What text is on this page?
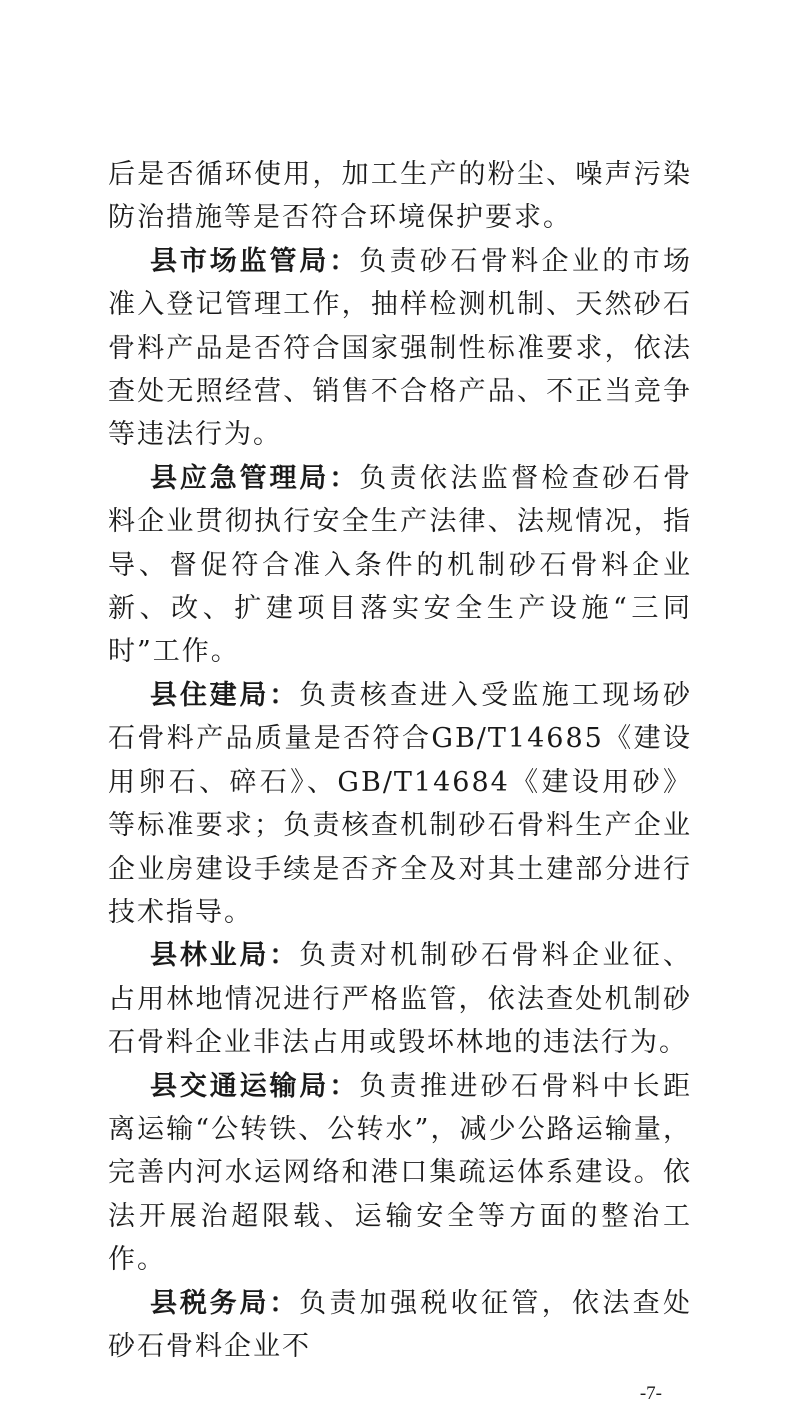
后是否循环使用，加工生产的粉尘、噪声污染防治措施等是否符合环境保护要求。

县市场监管局：负责砂石骨料企业的市场准入登记管理工作，抽样检测机制、天然砂石骨料产品是否符合国家强制性标准要求，依法查处无照经营、销售不合格产品、不正当竞争等违法行为。

县应急管理局：负责依法监督检查砂石骨料企业贯彻执行安全生产法律、法规情况，指导、督促符合准入条件的机制砂石骨料企业新、改、扩建项目落实安全生产设施“三同时”工作。

县住建局：负责核查进入受监施工现场砂石骨料产品质量是否符合GB/T14685《建设用卵石、碎石》、GB/T14684《建设用砂》等标准要求；负责核查机制砂石骨料生产企业企业房建设手续是否齐全及对其土建部分进行技术指导。

县林业局：负责对机制砂石骨料企业征、占用林地情况进行严格监管，依法查处机制砂石骨料企业非法占用或毁坏林地的违法行为。

县交通运输局：负责推进砂石骨料中长距离运输“公转铁、公转水”，减少公路运输量，完善内河水运网络和港口集疏运体系建设。依法开展治超限载、运输安全等方面的整治工作。

县税务局：负责加强税收征管，依法查处砂石骨料企业不

-7-
